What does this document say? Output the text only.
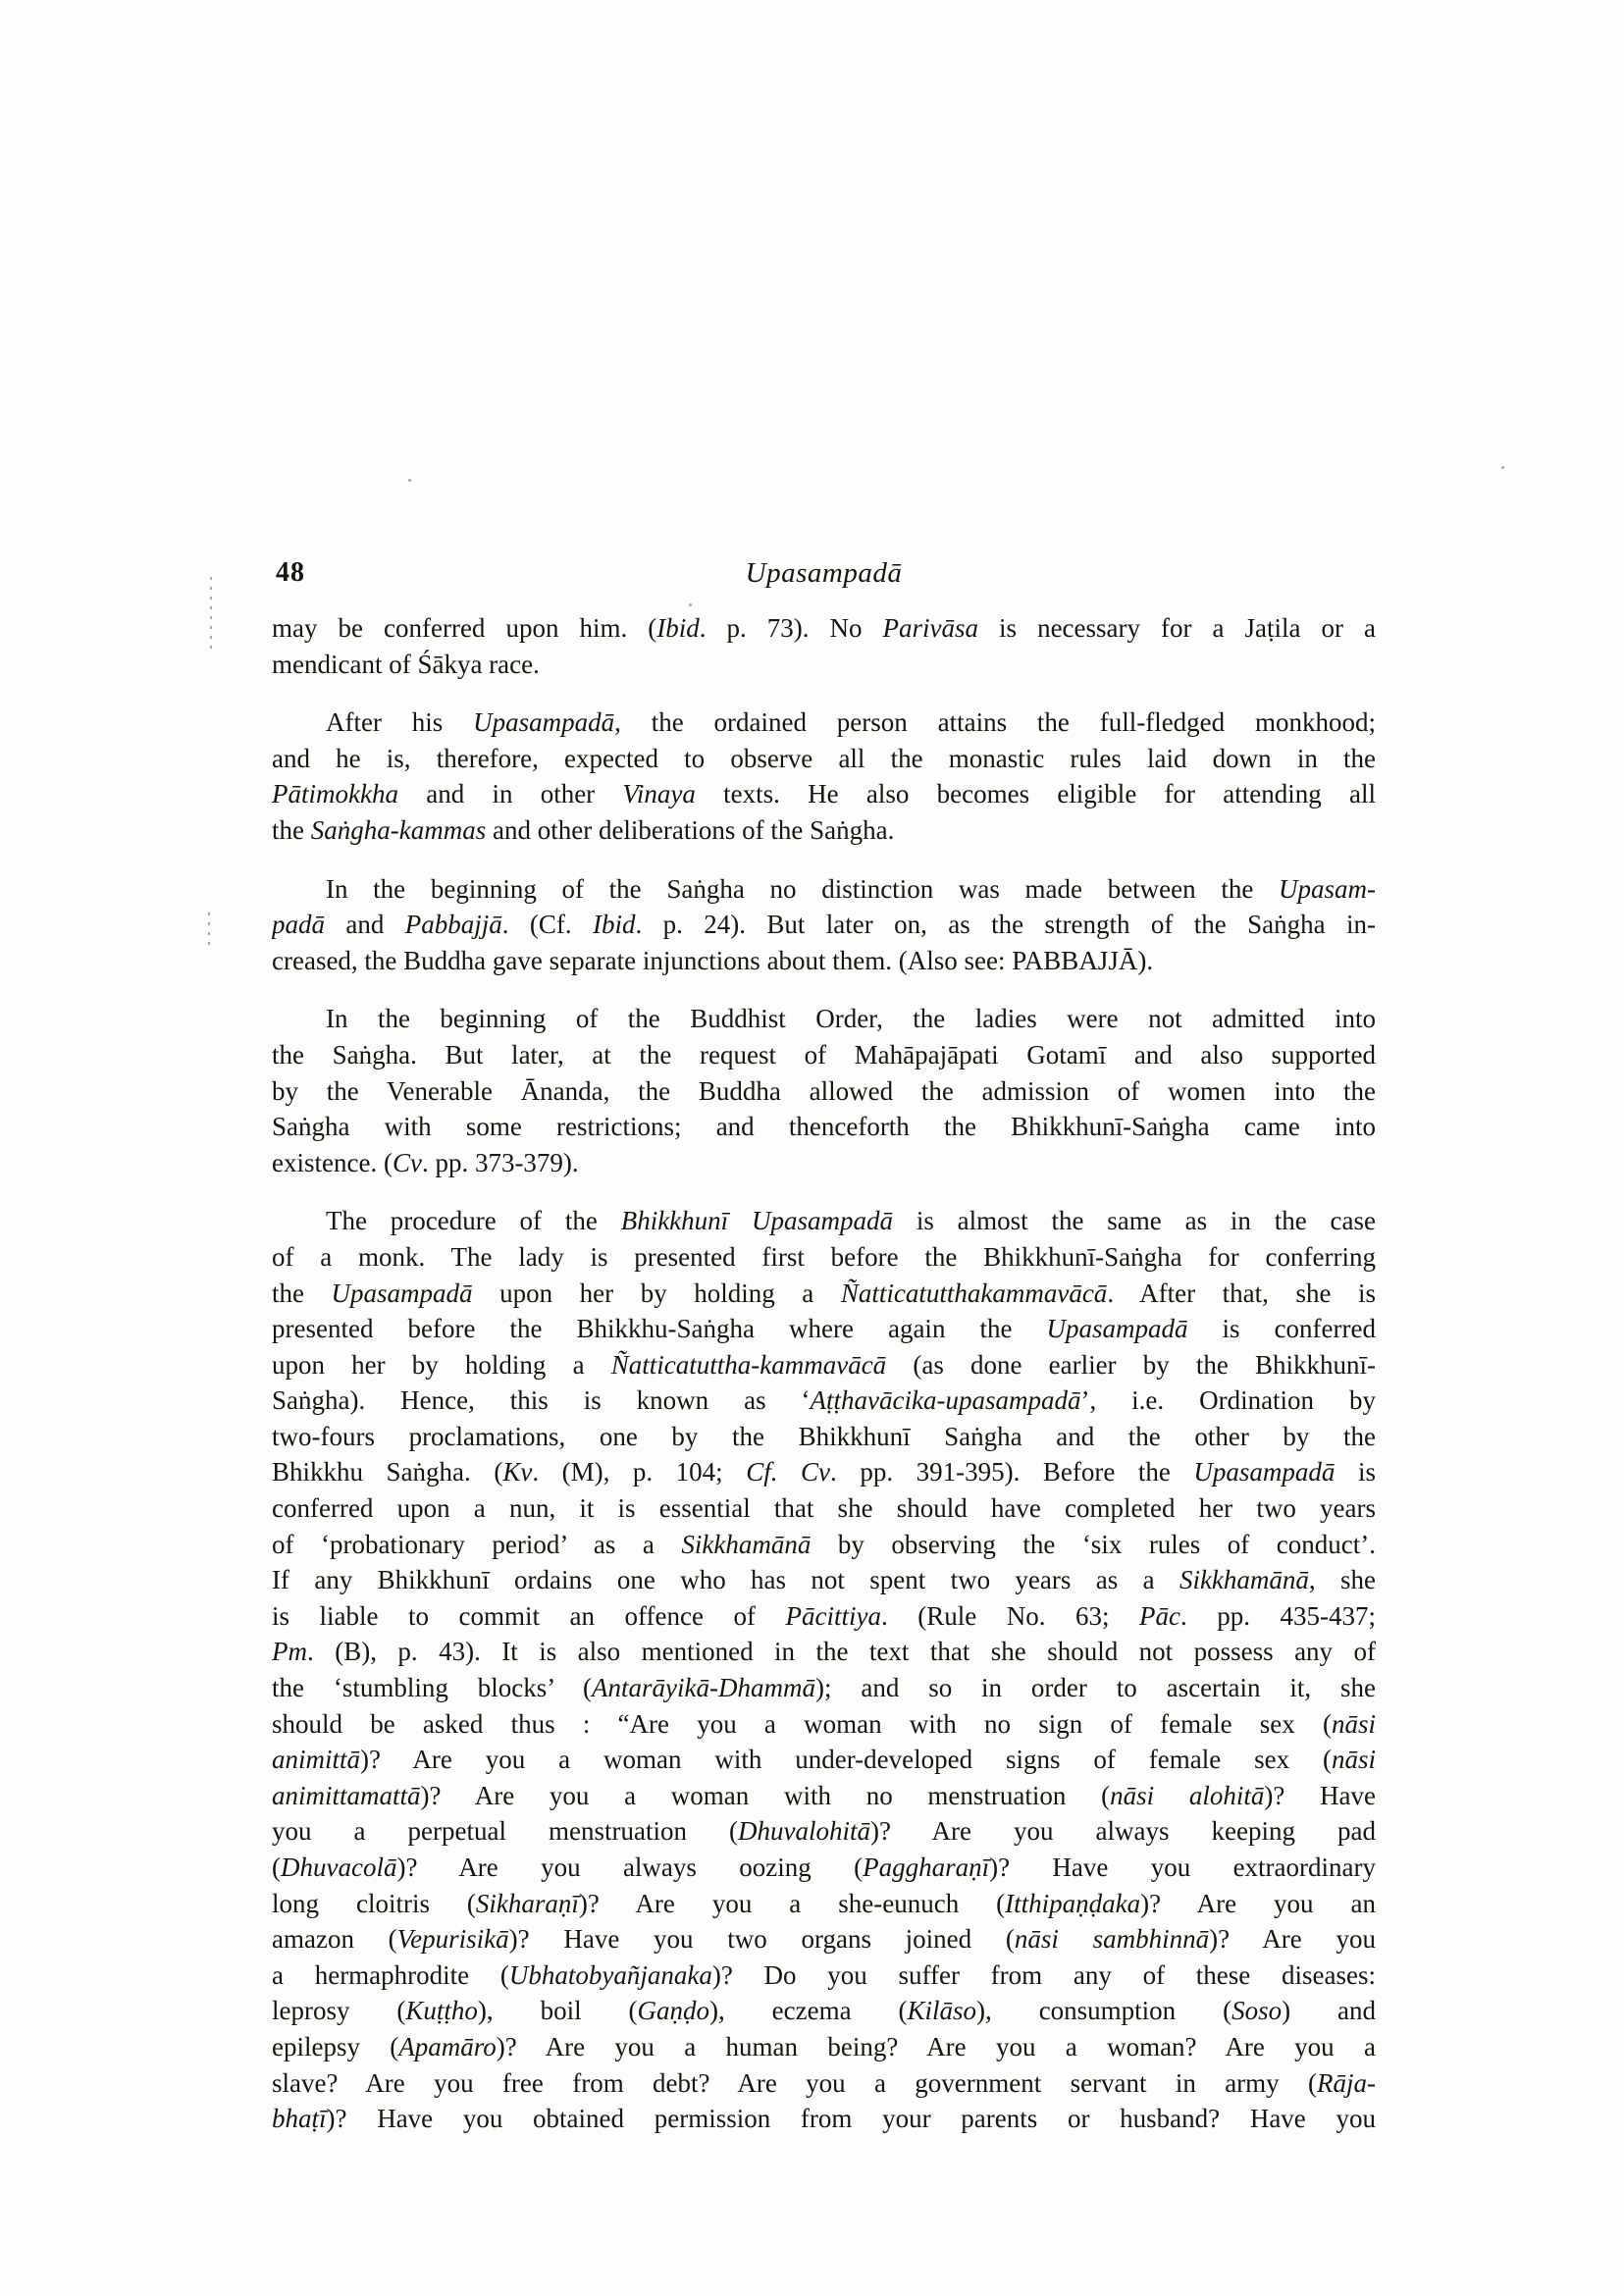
48	Upasampadā
may be conferred upon him. (Ibid. p. 73). No Parivāsa is necessary for a Jaṭila or a
mendicant of Śākya race.
After his Upasampadā, the ordained person attains the full-fledged monkhood;
and he is, therefore, expected to observe all the monastic rules laid down in the
Pātimokkha and in other Vinaya texts. He also becomes eligible for attending all
the Saṅgha-kammas and other deliberations of the Saṅgha.
In the beginning of the Saṅgha no distinction was made between the Upasam-
padā and Pabbajjā. (Cf. Ibid. p. 24). But later on, as the strength of the Saṅgha in-
creased, the Buddha gave separate injunctions about them. (Also see: PABBAJJĀ).
In the beginning of the Buddhist Order, the ladies were not admitted into
the Saṅgha. But later, at the request of Mahāpajāpati Gotamī and also supported
by the Venerable Ānanda, the Buddha allowed the admission of women into the
Saṅgha with some restrictions; and thenceforth the Bhikkhunī-Saṅgha came into
existence. (Cv. pp. 373-379).
The procedure of the Bhikkhunī Upasampadā is almost the same as in the case
of a monk. The lady is presented first before the Bhikkhunī-Saṅgha for conferring
the Upasampadā upon her by holding a Ñatticatutthakammavācā. After that, she is
presented before the Bhikkhu-Saṅgha where again the Upasampadā is conferred
upon her by holding a Ñatticatuttha-kammavācā (as done earlier by the Bhikkhunī-
Saṅgha). Hence, this is known as ‘Aṭṭhavācika-upasampadā’, i.e. Ordination by
two-fours proclamations, one by the Bhikkhunī Saṅgha and the other by the
Bhikkhu Saṅgha. (Kv. (M), p. 104; Cf. Cv. pp. 391-395). Before the Upasampadā is
conferred upon a nun, it is essential that she should have completed her two years
of ‘probationary period’ as a Sikkhamānā by observing the ‘six rules of conduct’.
If any Bhikkhunī ordains one who has not spent two years as a Sikkhamānā, she
is liable to commit an offence of Pācittiya. (Rule No. 63; Pāc. pp. 435-437;
Pm. (B), p. 43). It is also mentioned in the text that she should not possess any of
the ‘stumbling blocks’ (Antarāyikā-Dhammā); and so in order to ascertain it, she
should be asked thus : “Are you a woman with no sign of female sex (nāsi
animittā)? Are you a woman with under-developed signs of female sex (nāsi
animittamattā)? Are you a woman with no menstruation (nāsi alohitā)? Have
you a perpetual menstruation (Dhuvalohitā)? Are you always keeping pad
(Dhuvacolā)? Are you always oozing (Paggharaṇī)? Have you extraordinary
long cloitris (Sikharaṇī)? Are you a she-eunuch (Itthipaṇḍaka)? Are you an
amazon (Vepurisikā)? Have you two organs joined (nāsi sambhinnā)? Are you
a hermaphrodite (Ubhatobyañjanaka)? Do you suffer from any of these diseases:
leprosy (Kuṭṭho), boil (Gaṇḍo), eczema (Kilāso), consumption (Soso) and
epilepsy (Apamāro)? Are you a human being? Are you a woman? Are you a
slave? Are you free from debt? Are you a government servant in army (Rāja-
bhaṭī)? Have you obtained permission from your parents or husband? Have you
